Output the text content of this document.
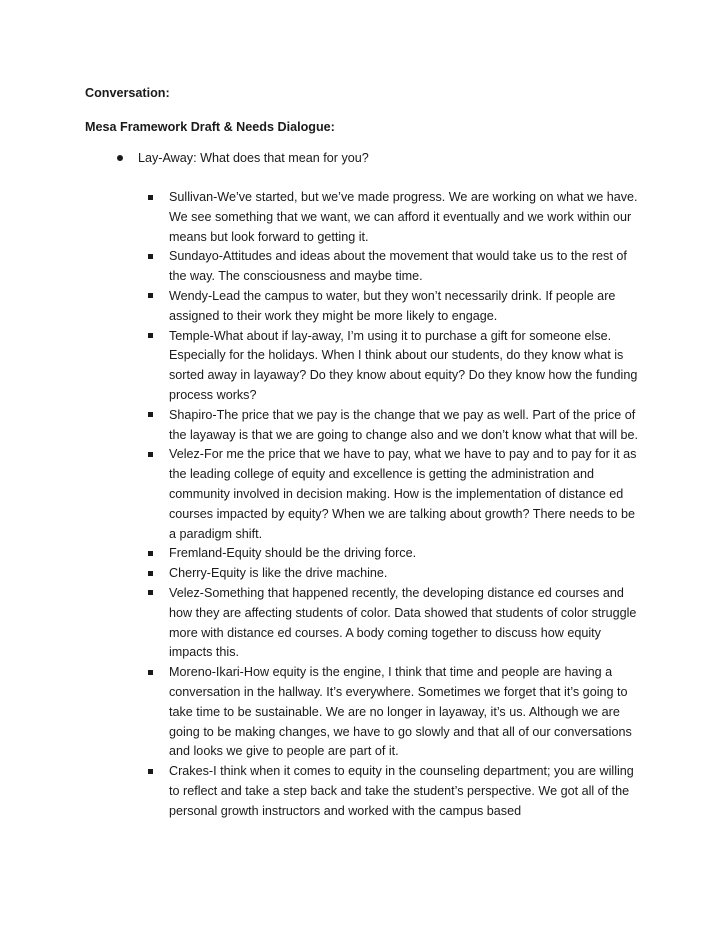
Conversation:
Mesa Framework Draft & Needs Dialogue:
Lay-Away: What does that mean for you?
Sullivan-We’ve started, but we’ve made progress. We are working on what we have. We see something that we want, we can afford it eventually and we work within our means but look forward to getting it.
Sundayo-Attitudes and ideas about the movement that would take us to the rest of the way. The consciousness and maybe time.
Wendy-Lead the campus to water, but they won’t necessarily drink. If people are assigned to their work they might be more likely to engage.
Temple-What about if lay-away, I’m using it to purchase a gift for someone else. Especially for the holidays. When I think about our students, do they know what is sorted away in layaway? Do they know about equity? Do they know how the funding process works?
Shapiro-The price that we pay is the change that we pay as well. Part of the price of the layaway is that we are going to change also and we don’t know what that will be.
Velez-For me the price that we have to pay, what we have to pay and to pay for it as the leading college of equity and excellence is getting the administration and community involved in decision making. How is the implementation of distance ed courses impacted by equity? When we are talking about growth? There needs to be a paradigm shift.
Fremland-Equity should be the driving force.
Cherry-Equity is like the drive machine.
Velez-Something that happened recently, the developing distance ed courses and how they are affecting students of color. Data showed that students of color struggle more with distance ed courses. A body coming together to discuss how equity impacts this.
Moreno-Ikari-How equity is the engine, I think that time and people are having a conversation in the hallway. It’s everywhere. Sometimes we forget that it’s going to take time to be sustainable. We are no longer in layaway, it’s us. Although we are going to be making changes, we have to go slowly and that all of our conversations and looks we give to people are part of it.
Crakes-I think when it comes to equity in the counseling department; you are willing to reflect and take a step back and take the student’s perspective. We got all of the personal growth instructors and worked with the campus based
